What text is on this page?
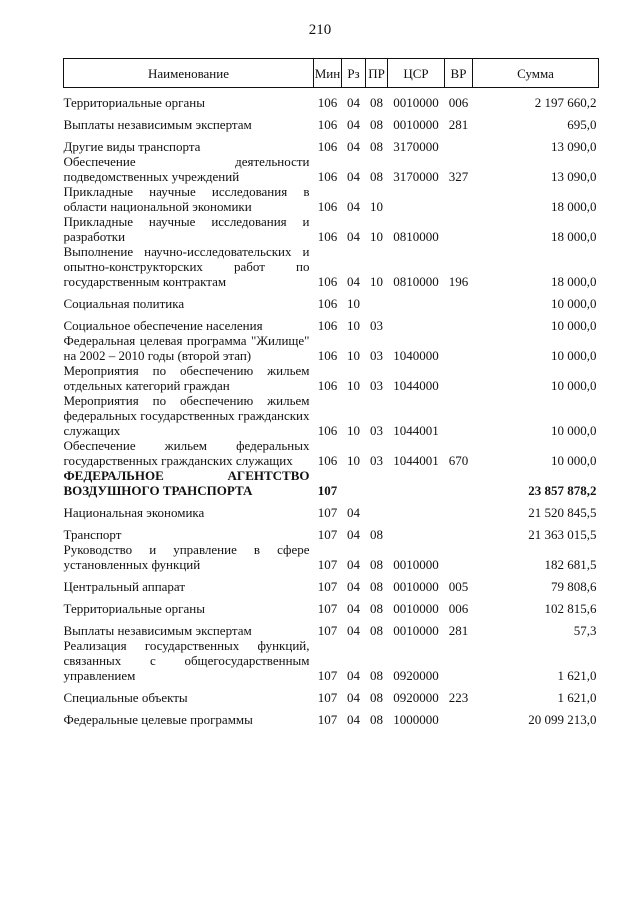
210
Наименование	Мин	Рз	ПР	ЦСР	ВР	Сумма
Территориальные органы	106	04	08	0010000	006	2 197 660,2
Выплаты независимым экспертам	106	04	08	0010000	281	695,0
Другие виды транспорта	106	04	08	3170000		13 090,0
Обеспечение деятельности подведомственных учреждений	106	04	08	3170000	327	13 090,0
Прикладные научные исследования в области национальной экономики	106	04	10			18 000,0
Прикладные научные исследования и разработки	106	04	10	0810000		18 000,0
Выполнение научно-исследовательских и опытно-конструкторских работ по государственным контрактам	106	04	10	0810000	196	18 000,0
Социальная политика	106	10				10 000,0
Социальное обеспечение населения	106	10	03			10 000,0
Федеральная целевая программа "Жилище" на 2002 – 2010 годы (второй этап)	106	10	03	1040000		10 000,0
Мероприятия по обеспечению жильем отдельных категорий граждан	106	10	03	1044000		10 000,0
Мероприятия по обеспечению жильем федеральных государственных гражданских служащих	106	10	03	1044001		10 000,0
Обеспечение жильем федеральных государственных гражданских служащих	106	10	03	1044001	670	10 000,0
ФЕДЕРАЛЬНОЕ АГЕНТСТВО ВОЗДУШНОГО ТРАНСПОРТА	107					23 857 878,2
Национальная экономика	107	04				21 520 845,5
Транспорт	107	04	08			21 363 015,5
Руководство и управление в сфере установленных функций	107	04	08	0010000		182 681,5
Центральный аппарат	107	04	08	0010000	005	79 808,6
Территориальные органы	107	04	08	0010000	006	102 815,6
Выплаты независимым экспертам	107	04	08	0010000	281	57,3
Реализация государственных функций, связанных с общегосударственным управлением	107	04	08	0920000		1 621,0
Специальные объекты	107	04	08	0920000	223	1 621,0
Федеральные целевые программы	107	04	08	1000000		20 099 213,0
